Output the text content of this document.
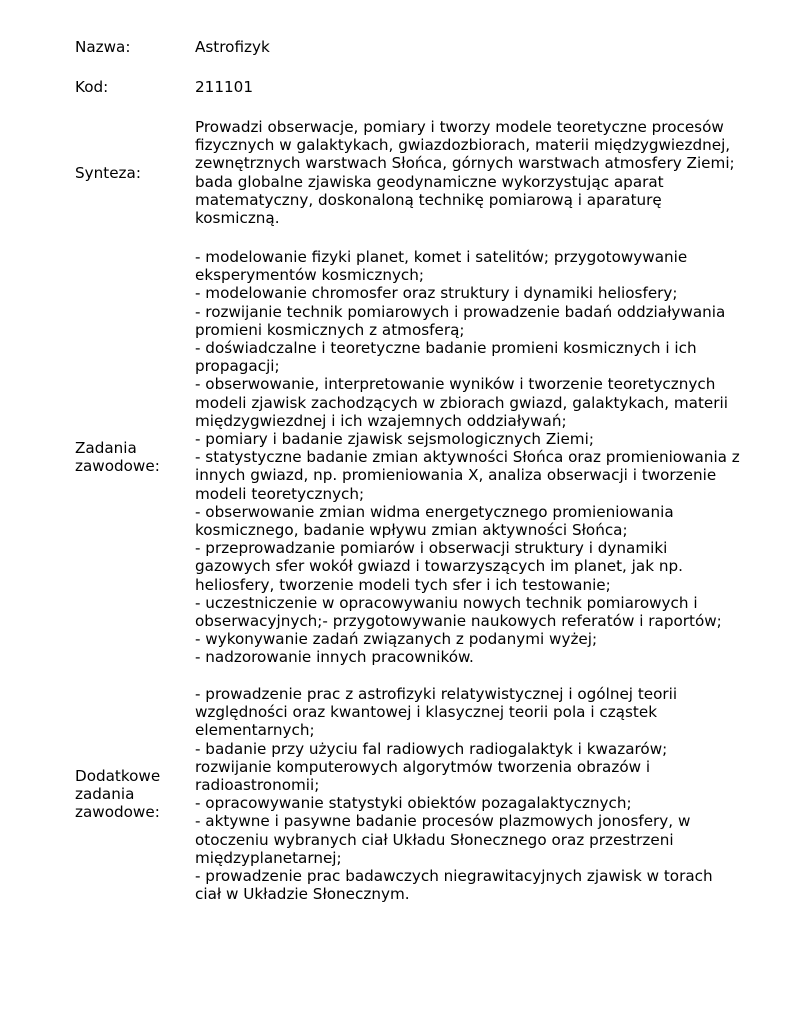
Nazwa:	Astrofizyk
Kod:	211101
Synteza:
Prowadzi obserwacje, pomiary i tworzy modele teoretyczne procesów
fizycznych w galaktykach, gwiazdozbiorach, materii międzygwiezdnej,
zewnętrznych warstwach Słońca, górnych warstwach atmosfery Ziemi;
bada globalne zjawiska geodynamiczne wykorzystując aparat
matematyczny, doskonaloną technikę pomiarową i aparaturę
kosmiczną.
Zadania
zawodowe:
- modelowanie fizyki planet, komet i satelitów; przygotowywanie
eksperymentów kosmicznych;
- modelowanie chromosfer oraz struktury i dynamiki heliosfery;
- rozwijanie technik pomiarowych i prowadzenie badań oddziaływania
promieni kosmicznych z atmosferą;
- doświadczalne i teoretyczne badanie promieni kosmicznych i ich
propagacji;
- obserwowanie, interpretowanie wyników i tworzenie teoretycznych
modeli zjawisk zachodzących w zbiorach gwiazd, galaktykach, materii
międzygwiezdnej i ich wzajemnych oddziaływań;
- pomiary i badanie zjawisk sejsmologicznych Ziemi;
- statystyczne badanie zmian aktywności Słońca oraz promieniowania z
innych gwiazd, np. promieniowania X, analiza obserwacji i tworzenie
modeli teoretycznych;
- obserwowanie zmian widma energetycznego promieniowania
kosmicznego, badanie wpływu zmian aktywności Słońca;
- przeprowadzanie pomiarów i obserwacji struktury i dynamiki
gazowych sfer wokół gwiazd i towarzyszących im planet, jak np.
heliosfery, tworzenie modeli tych sfer i ich testowanie;
- uczestniczenie w opracowywaniu nowych technik pomiarowych i
obserwacyjnych;- przygotowywanie naukowych referatów i raportów;
- wykonywanie zadań związanych z podanymi wyżej;
- nadzorowanie innych pracowników.
Dodatkowe
zadania
zawodowe:
- prowadzenie prac z astrofizyki relatywistycznej i ogólnej teorii
względności oraz kwantowej i klasycznej teorii pola i cząstek
elementarnych;
- badanie przy użyciu fal radiowych radiogalaktyk i kwazarów;
rozwijanie komputerowych algorytmów tworzenia obrazów i
radioastronomii;
- opracowywanie statystyki obiektów pozagalaktycznych;
- aktywne i pasywne badanie procesów plazmowych jonosfery, w
otoczeniu wybranych ciał Układu Słonecznego oraz przestrzeni
międzyplanetarnej;
- prowadzenie prac badawczych niegrawitacyjnych zjawisk w torach
ciał w Układzie Słonecznym.
